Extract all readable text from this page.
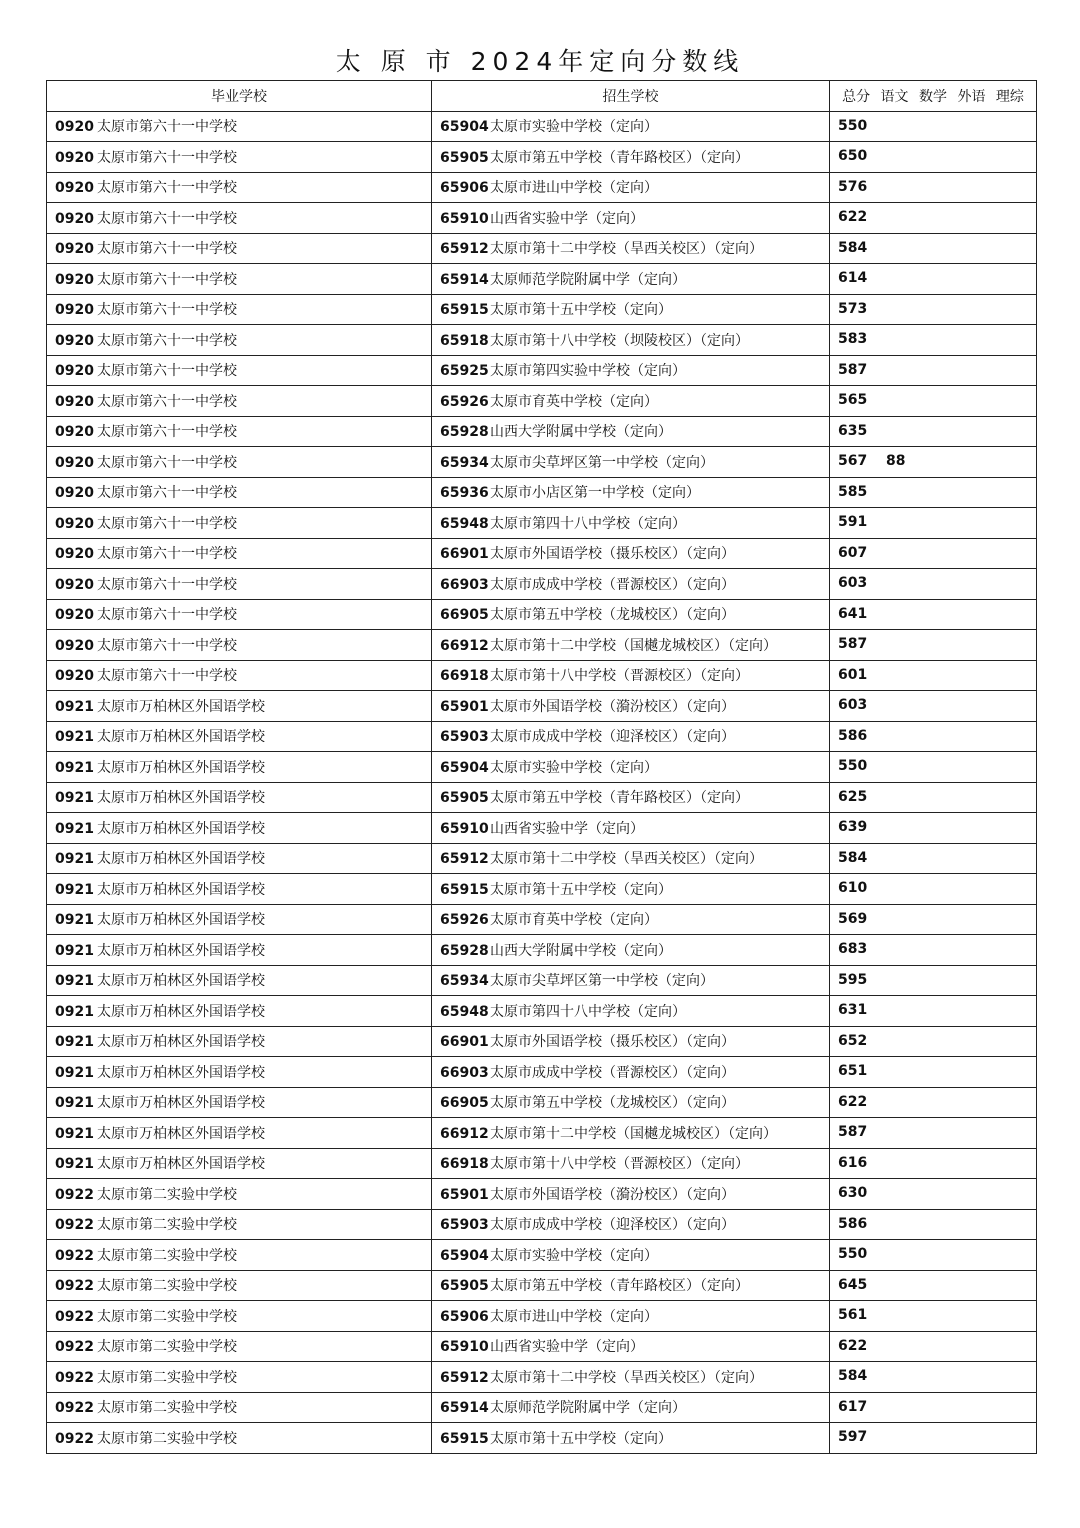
太 原 市 2024年定向分数线
毕业学校	招生学校	总分 语文 数学 外语 理综
0920 太原市第六十一中学校	65904太原市实验中学校（定向）	550

0920 太原市第六十一中学校	65905太原市第五中学校（青年路校区）（定向）	650

0920 太原市第六十一中学校	65906太原市进山中学校（定向）	576

0920 太原市第六十一中学校	65910山西省实验中学（定向）	622

0920 太原市第六十一中学校	65912太原市第十二中学校（旱西关校区）（定向）	584

0920 太原市第六十一中学校	65914太原师范学院附属中学（定向）	614

0920 太原市第六十一中学校	65915太原市第十五中学校（定向）	573

0920 太原市第六十一中学校	65918太原市第十八中学校（坝陵校区）（定向）	583

0920 太原市第六十一中学校	65925太原市第四实验中学校（定向）	587

0920 太原市第六十一中学校	65926太原市育英中学校（定向）	565

0920 太原市第六十一中学校	65928山西大学附属中学校（定向）	635

0920 太原市第六十一中学校	65934太原市尖草坪区第一中学校（定向）	567 88

0920 太原市第六十一中学校	65936太原市小店区第一中学校（定向）	585

0920 太原市第六十一中学校	65948太原市第四十八中学校（定向）	591

0920 太原市第六十一中学校	66901太原市外国语学校（摄乐校区）（定向）	607

0920 太原市第六十一中学校	66903太原市成成中学校（晋源校区）（定向）	603

0920 太原市第六十一中学校	66905太原市第五中学校（龙城校区）（定向）	641

0920 太原市第六十一中学校	66912太原市第十二中学校（国樾龙城校区）（定向）	587

0920 太原市第六十一中学校	66918太原市第十八中学校（晋源校区）（定向）	601

0921 太原市万柏林区外国语学校	65901太原市外国语学校（漪汾校区）（定向）	603

0921 太原市万柏林区外国语学校	65903太原市成成中学校（迎泽校区）（定向）	586

0921 太原市万柏林区外国语学校	65904太原市实验中学校（定向）	550

0921 太原市万柏林区外国语学校	65905太原市第五中学校（青年路校区）（定向）	625

0921 太原市万柏林区外国语学校	65910山西省实验中学（定向）	639

0921 太原市万柏林区外国语学校	65912太原市第十二中学校（旱西关校区）（定向）	584

0921 太原市万柏林区外国语学校	65915太原市第十五中学校（定向）	610

0921 太原市万柏林区外国语学校	65926太原市育英中学校（定向）	569

0921 太原市万柏林区外国语学校	65928山西大学附属中学校（定向）	683

0921 太原市万柏林区外国语学校	65934太原市尖草坪区第一中学校（定向）	595

0921 太原市万柏林区外国语学校	65948太原市第四十八中学校（定向）	631

0921 太原市万柏林区外国语学校	66901太原市外国语学校（摄乐校区）（定向）	652

0921 太原市万柏林区外国语学校	66903太原市成成中学校（晋源校区）（定向）	651

0921 太原市万柏林区外国语学校	66905太原市第五中学校（龙城校区）（定向）	622

0921 太原市万柏林区外国语学校	66912太原市第十二中学校（国樾龙城校区）（定向）	587

0921 太原市万柏林区外国语学校	66918太原市第十八中学校（晋源校区）（定向）	616

0922 太原市第二实验中学校	65901太原市外国语学校（漪汾校区）（定向）	630

0922 太原市第二实验中学校	65903太原市成成中学校（迎泽校区）（定向）	586

0922 太原市第二实验中学校	65904太原市实验中学校（定向）	550

0922 太原市第二实验中学校	65905太原市第五中学校（青年路校区）（定向）	645

0922 太原市第二实验中学校	65906太原市进山中学校（定向）	561

0922 太原市第二实验中学校	65910山西省实验中学（定向）	622

0922 太原市第二实验中学校	65912太原市第十二中学校（旱西关校区）（定向）	584

0922 太原市第二实验中学校	65914太原师范学院附属中学（定向）	617

0922 太原市第二实验中学校	65915太原市第十五中学校（定向）	597
